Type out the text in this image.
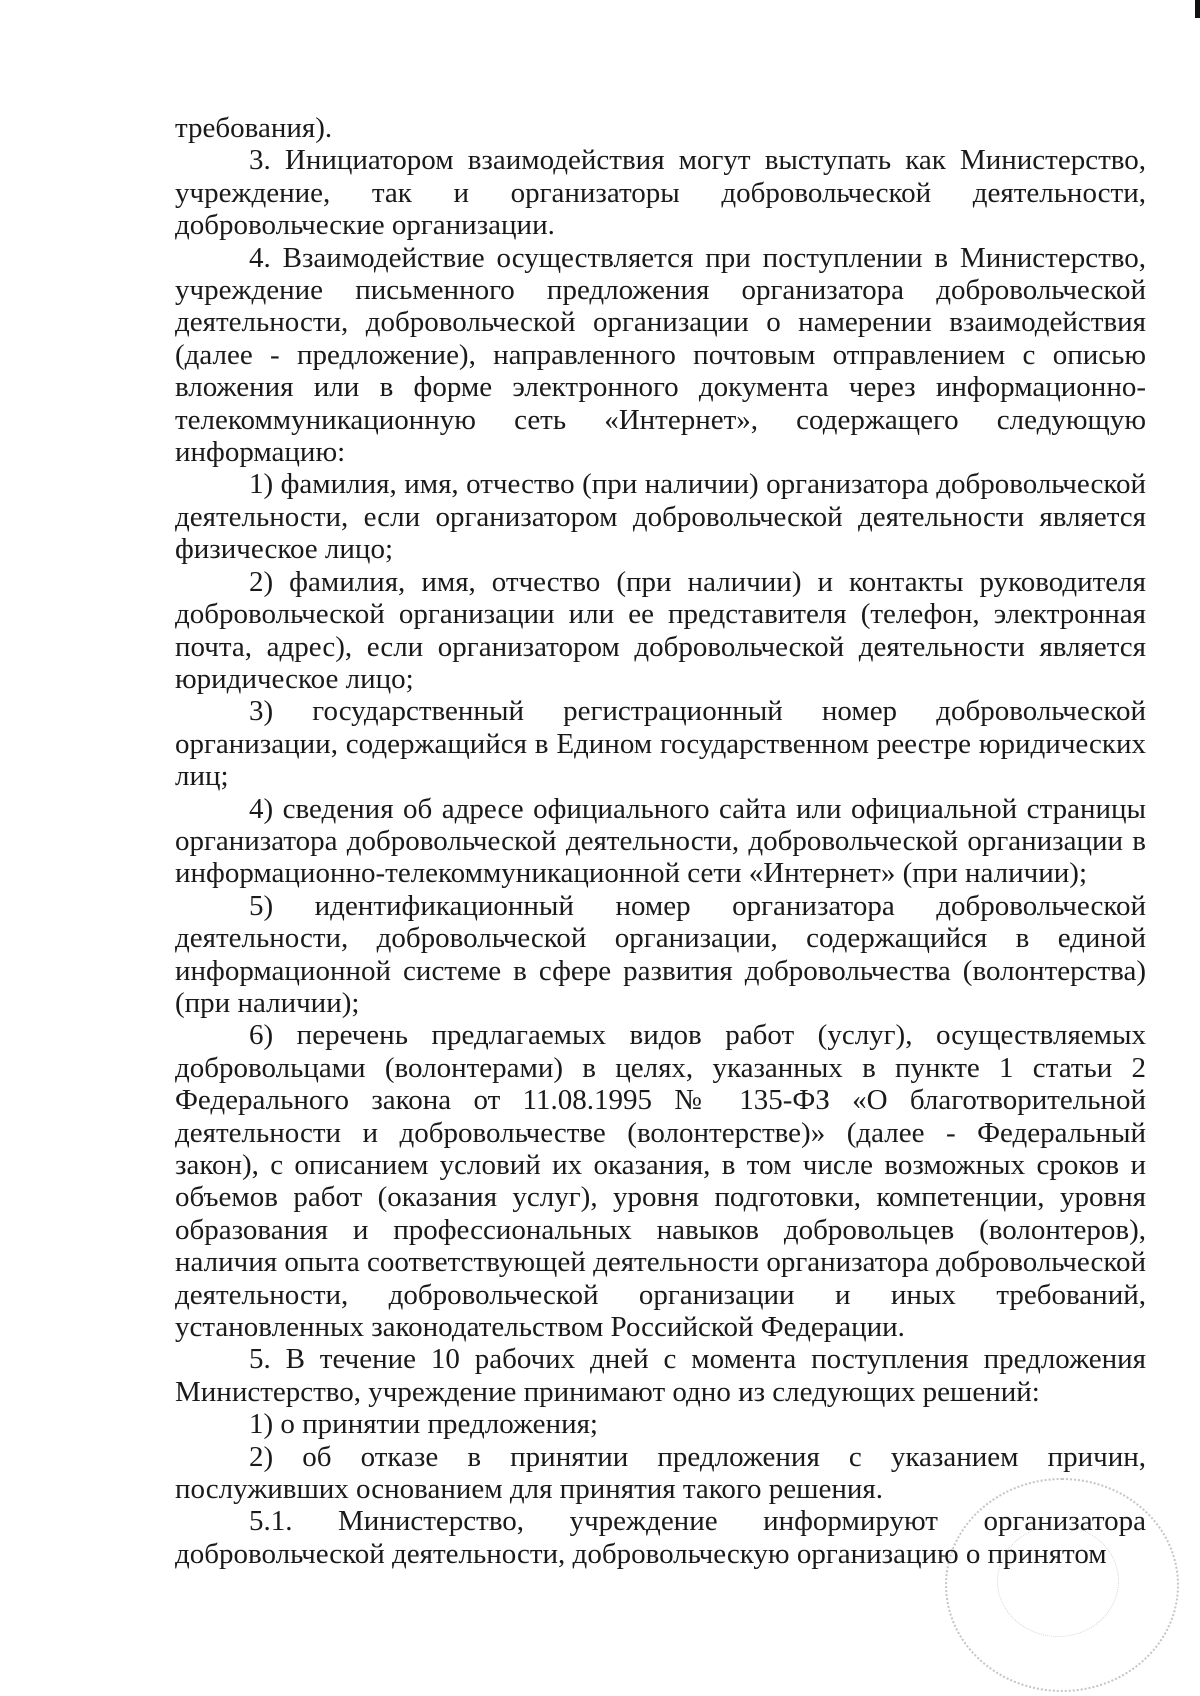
требования).

3. Инициатором взаимодействия могут выступать как Министерство, учреждение, так и организаторы добровольческой деятельности, добровольческие организации.

4. Взаимодействие осуществляется при поступлении в Министерство, учреждение письменного предложения организатора добровольческой деятельности, добровольческой организации о намерении взаимодействия (далее - предложение), направленного почтовым отправлением с описью вложения или в форме электронного документа через информационно-телекоммуникационную сеть «Интернет», содержащего следующую информацию:

1) фамилия, имя, отчество (при наличии) организатора добровольческой деятельности, если организатором добровольческой деятельности является физическое лицо;

2) фамилия, имя, отчество (при наличии) и контакты руководителя добровольческой организации или ее представителя (телефон, электронная почта, адрес), если организатором добровольческой деятельности является юридическое лицо;

3) государственный регистрационный номер добровольческой организации, содержащийся в Едином государственном реестре юридических лиц;

4) сведения об адресе официального сайта или официальной страницы организатора добровольческой деятельности, добровольческой организации в информационно-телекоммуникационной сети «Интернет» (при наличии);

5) идентификационный номер организатора добровольческой деятельности, добровольческой организации, содержащийся в единой информационной системе в сфере развития добровольчества (волонтерства) (при наличии);

6) перечень предлагаемых видов работ (услуг), осуществляемых добровольцами (волонтерами) в целях, указанных в пункте 1 статьи 2 Федерального закона от 11.08.1995 № 135-ФЗ «О благотворительной деятельности и добровольчестве (волонтерстве)» (далее - Федеральный закон), с описанием условий их оказания, в том числе возможных сроков и объемов работ (оказания услуг), уровня подготовки, компетенции, уровня образования и профессиональных навыков добровольцев (волонтеров), наличия опыта соответствующей деятельности организатора добровольческой деятельности, добровольческой организации и иных требований, установленных законодательством Российской Федерации.

5. В течение 10 рабочих дней с момента поступления предложения Министерство, учреждение принимают одно из следующих решений:

1) о принятии предложения;

2) об отказе в принятии предложения с указанием причин, послуживших основанием для принятия такого решения.

5.1. Министерство, учреждение информируют организатора добровольческой деятельности, добровольческую организацию о принятом
